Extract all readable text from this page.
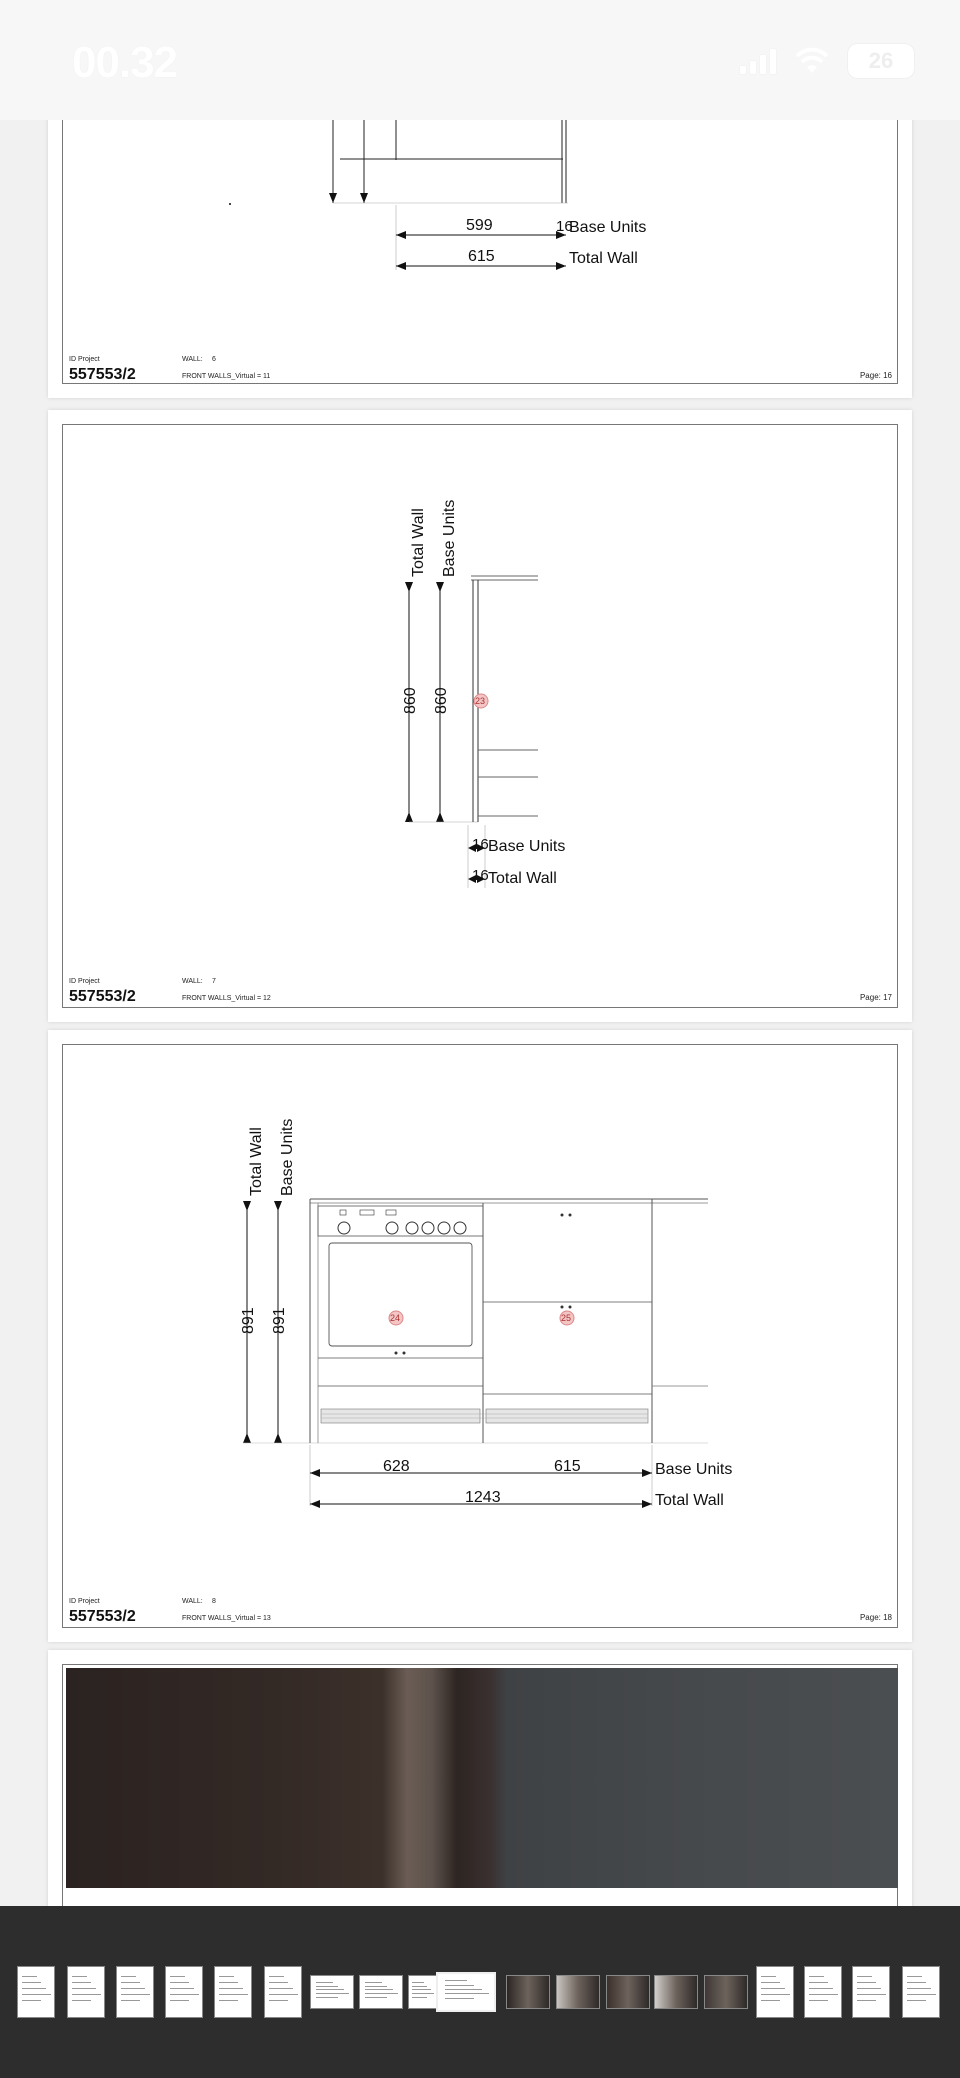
00.32	26
599	16
Base Units
615	Total Wall
ID Project
557553/2
WALL: 6
FRONT WALLS_Virtual = 11	Page: 16
23
Total Wall Base Units
860 860
16 Base Units
16 Total Wall
ID Project
557553/2
WALL: 7
FRONT WALLS_Virtual = 12	Page: 17
24	25
Total Wall Base Units
891 891
628	615	Base Units
1243	Total Wall
ID Project
557553/2
WALL: 8
FRONT WALLS_Virtual = 13	Page: 18
